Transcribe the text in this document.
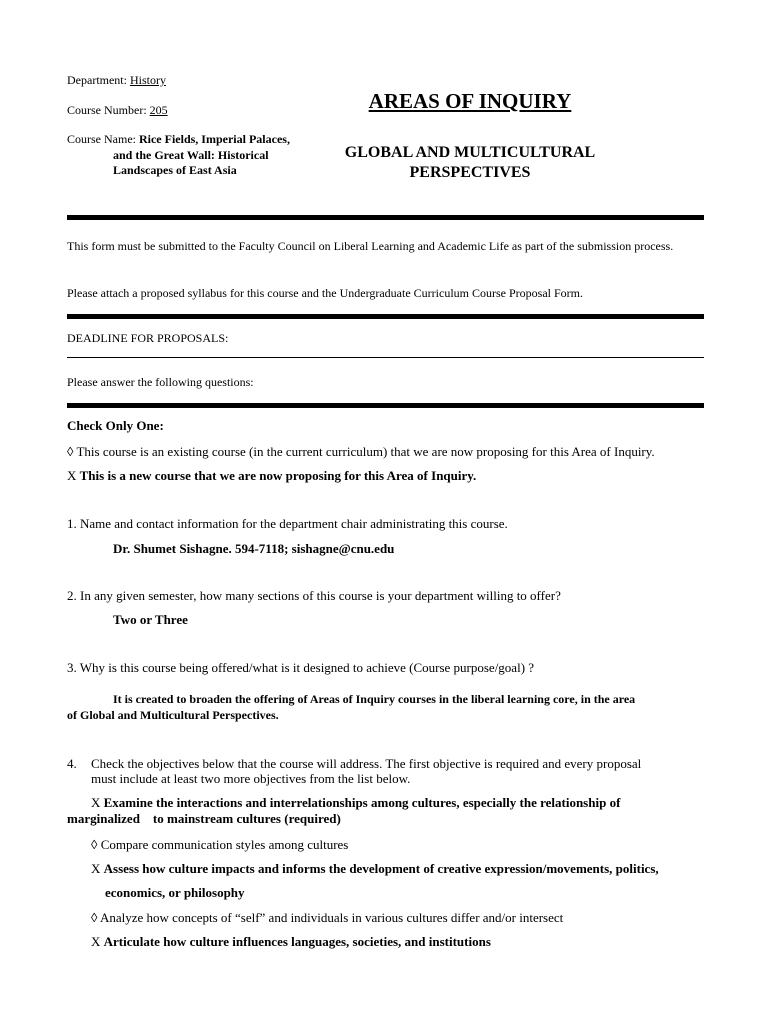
Department: History
Course Number: 205
Course Name: Rice Fields, Imperial Palaces,
and the Great Wall: Historical
Landscapes of East Asia
AREAS OF INQUIRY
GLOBAL AND MULTICULTURAL
PERSPECTIVES
This form must be submitted to the Faculty Council on Liberal Learning and Academic Life as part of the submission process.
Please attach a proposed syllabus for this course and the Undergraduate Curriculum Course Proposal Form.
DEADLINE FOR PROPOSALS:
Please answer the following questions:
Check Only One:
◊ This course is an existing course (in the current curriculum) that we are now proposing for this Area of Inquiry.
X This is a new course that we are now proposing for this Area of Inquiry.
1. Name and contact information for the department chair administrating this course.
Dr. Shumet Sishagne. 594-7118; sishagne@cnu.edu
2. In any given semester, how many sections of this course is your department willing to offer?
Two or Three
3. Why is this course being offered/what is it designed to achieve (Course purpose/goal) ?
It is created to broaden the offering of Areas of Inquiry courses in the liberal learning core, in the area
of Global and Multicultural Perspectives.
4. Check the objectives below that the course will address. The first objective is required and every proposal
must include at least two more objectives from the list below.
X Examine the interactions and interrelationships among cultures, especially the relationship of
marginalized    to mainstream cultures (required)
◊ Compare communication styles among cultures
X Assess how culture impacts and informs the development of creative expression/movements, politics,
economics, or philosophy
◊ Analyze how concepts of “self” and individuals in various cultures differ and/or intersect
X Articulate how culture influences languages, societies, and institutions
